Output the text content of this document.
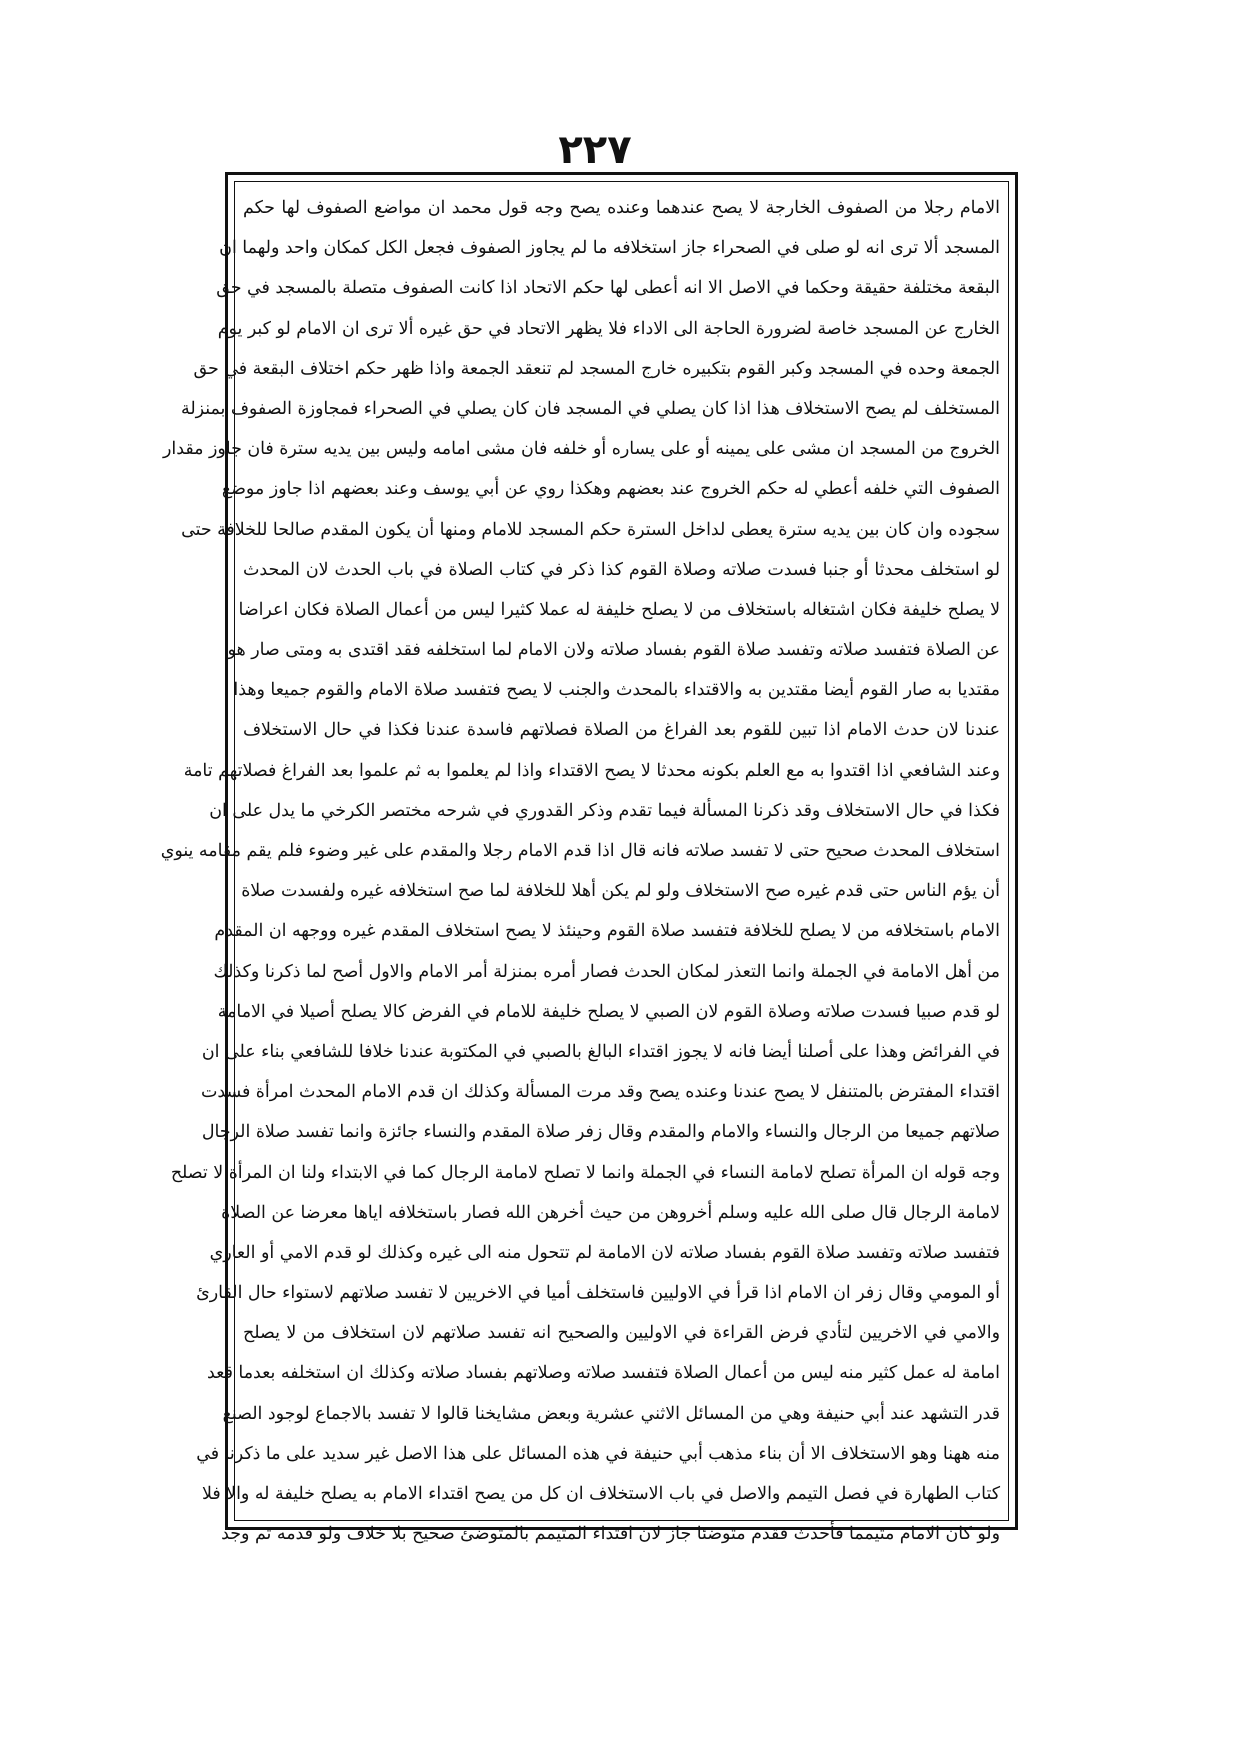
۲۲۷
الامام رجلا من الصفوف الخارجة لا يصح عندهما وعنده يصح وجه قول محمد ان مواضع الصفوف لها حكم
المسجد ألا ترى انه لو صلى في الصحراء جاز استخلافه ما لم يجاوز الصفوف فجعل الكل كمكان واحد ولهما ان
البقعة مختلفة حقيقة وحكما في الاصل الا انه أعطى لها حكم الاتحاد اذا كانت الصفوف متصلة بالمسجد في حق
الخارج عن المسجد خاصة لضرورة الحاجة الى الاداء فلا يظهر الاتحاد في حق غيره ألا ترى ان الامام لو كبر يوم
الجمعة وحده في المسجد وكبر القوم بتكبيره خارج المسجد لم تنعقد الجمعة واذا ظهر حكم اختلاف البقعة في حق
المستخلف لم يصح الاستخلاف هذا اذا كان يصلي في المسجد فان كان يصلي في الصحراء فمجاوزة الصفوف بمنزلة
الخروج من المسجد ان مشى على يمينه أو على يساره أو خلفه فان مشى امامه وليس بين يديه سترة فان جاوز مقدار
الصفوف التي خلفه أعطي له حكم الخروج عند بعضهم وهكذا روي عن أبي يوسف وعند بعضهم اذا جاوز موضع
سجوده وان كان بين يديه سترة يعطى لداخل السترة حكم المسجد للامام ومنها أن يكون المقدم صالحا للخلافة حتى
لو استخلف محدثا أو جنبا فسدت صلاته وصلاة القوم كذا ذكر في كتاب الصلاة في باب الحدث لان المحدث
لا يصلح خليفة فكان اشتغاله باستخلاف من لا يصلح خليفة له عملا كثيرا ليس من أعمال الصلاة فكان اعراضا
عن الصلاة فتفسد صلاته وتفسد صلاة القوم بفساد صلاته ولان الامام لما استخلفه فقد اقتدى به ومتى صار هو
مقتديا به صار القوم أيضا مقتدين به والاقتداء بالمحدث والجنب لا يصح فتفسد صلاة الامام والقوم جميعا وهذا
عندنا لان حدث الامام اذا تبين للقوم بعد الفراغ من الصلاة فصلاتهم فاسدة عندنا فكذا في حال الاستخلاف
وعند الشافعي اذا اقتدوا به مع العلم بكونه محدثا لا يصح الاقتداء واذا لم يعلموا به ثم علموا بعد الفراغ فصلاتهم تامة
فكذا في حال الاستخلاف وقد ذكرنا المسألة فيما تقدم وذكر القدوري في شرحه مختصر الكرخي ما يدل على ان
استخلاف المحدث صحيح حتى لا تفسد صلاته فانه قال اذا قدم الامام رجلا والمقدم على غير وضوء فلم يقم مقامه ينوي
أن يؤم الناس حتى قدم غيره صح الاستخلاف ولو لم يكن أهلا للخلافة لما صح استخلافه غيره ولفسدت صلاة
الامام باستخلافه من لا يصلح للخلافة فتفسد صلاة القوم وحينئذ لا يصح استخلاف المقدم غيره ووجهه ان المقدم
من أهل الامامة في الجملة وانما التعذر لمكان الحدث فصار أمره بمنزلة أمر الامام والاول أصح لما ذكرنا وكذلك
لو قدم صبيا فسدت صلاته وصلاة القوم لان الصبي لا يصلح خليفة للامام في الفرض كالا يصلح أصيلا في الامامة
في الفرائض وهذا على أصلنا أيضا فانه لا يجوز اقتداء البالغ بالصبي في المكتوبة عندنا خلافا للشافعي بناء على ان
اقتداء المفترض بالمتنفل لا يصح عندنا وعنده يصح وقد مرت المسألة وكذلك ان قدم الامام المحدث امرأة فسدت
صلاتهم جميعا من الرجال والنساء والامام والمقدم وقال زفر صلاة المقدم والنساء جائزة وانما تفسد صلاة الرجال
وجه قوله ان المرأة تصلح لامامة النساء في الجملة وانما لا تصلح لامامة الرجال كما في الابتداء ولنا ان المرأة لا تصلح
لامامة الرجال قال صلى الله عليه وسلم أخروهن من حيث أخرهن الله فصار باستخلافه اياها معرضا عن الصلاة
فتفسد صلاته وتفسد صلاة القوم بفساد صلاته لان الامامة لم تتحول منه الى غيره وكذلك لو قدم الامي أو العاري
أو المومي وقال زفر ان الامام اذا قرأ في الاوليين فاستخلف أميا في الاخريين لا تفسد صلاتهم لاستواء حال القارئ
والامي في الاخريين لتأدي فرض القراءة في الاوليين والصحيح انه تفسد صلاتهم لان استخلاف من لا يصلح
امامة له عمل كثير منه ليس من أعمال الصلاة فتفسد صلاته وصلاتهم بفساد صلاته وكذلك ان استخلفه بعدما قعد
قدر التشهد عند أبي حنيفة وهي من المسائل الاثني عشرية وبعض مشايخنا قالوا لا تفسد بالاجماع لوجود الصنع
منه ههنا وهو الاستخلاف الا أن بناء مذهب أبي حنيفة في هذه المسائل على هذا الاصل غير سديد على ما ذكرنا في
كتاب الطهارة في فصل التيمم والاصل في باب الاستخلاف ان كل من يصح اقتداء الامام به يصلح خليفة له والا فلا
ولو كان الامام متيمما فأحدث فقدم متوضئا جاز لان اقتداء المتيمم بالمتوضئ صحيح بلا خلاف ولو قدمه ثم وجد
